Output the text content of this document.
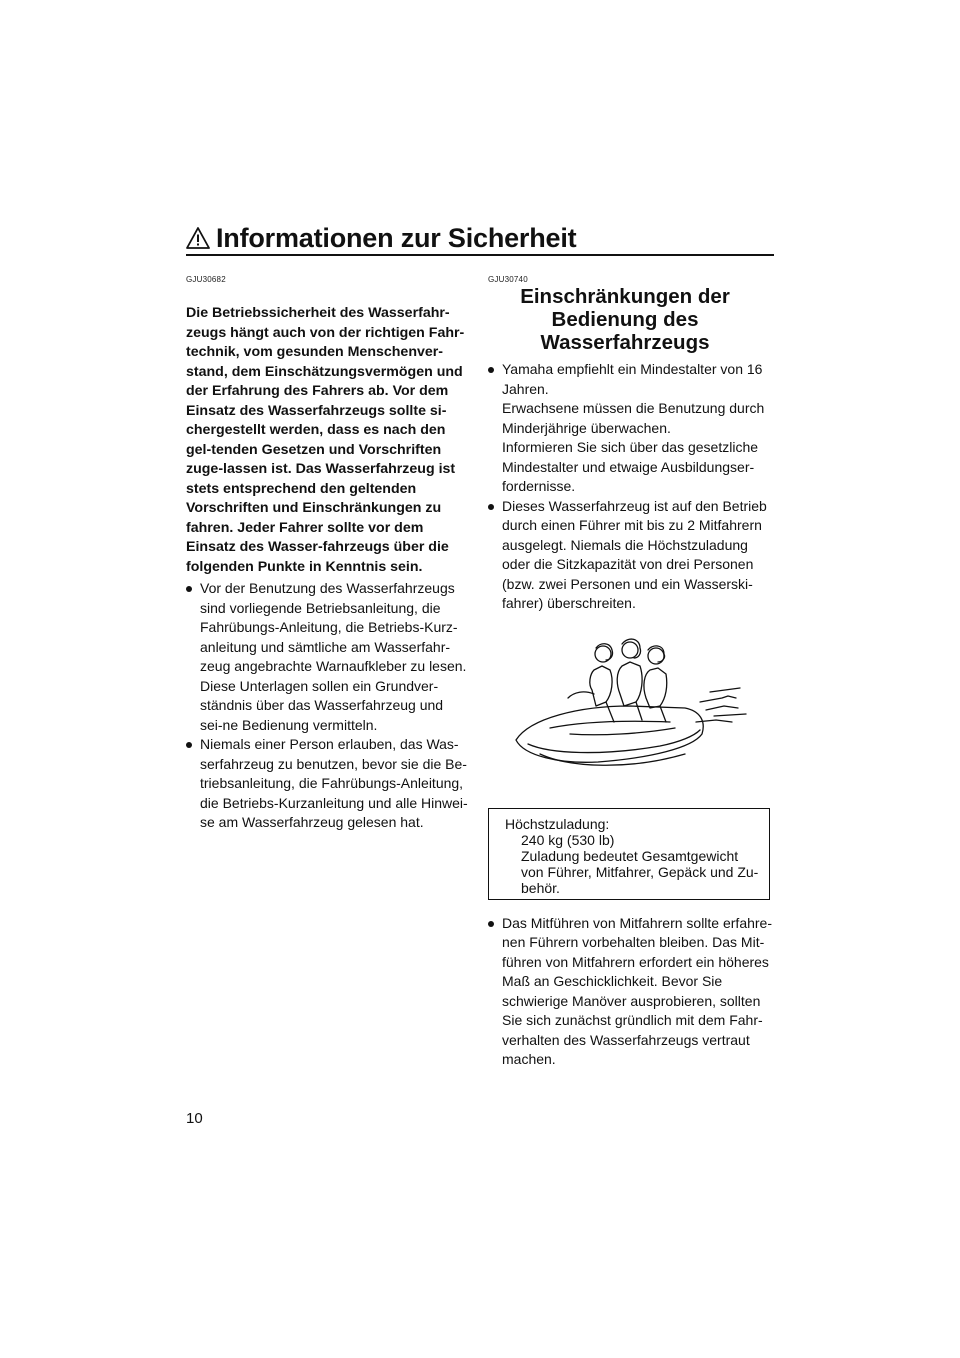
Informationen zur Sicherheit
GJU30682
Die Betriebssicherheit des Wasserfahr-zeugs hängt auch von der richtigen Fahr-technik, vom gesunden Menschenver-stand, dem Einschätzungsvermögen und der Erfahrung des Fahrers ab. Vor dem Einsatz des Wasserfahrzeugs sollte si-chergestellt werden, dass es nach den gel-tenden Gesetzen und Vorschriften zuge-lassen ist. Das Wasserfahrzeug ist stets entsprechend den geltenden Vorschriften und Einschränkungen zu fahren. Jeder Fahrer sollte vor dem Einsatz des Wasser-fahrzeugs über die folgenden Punkte in Kenntnis sein.

Vor der Benutzung des Wasserfahrzeugs sind vorliegende Betriebsanleitung, die Fahrübungs-Anleitung, die Betriebs-Kurz-anleitung und sämtliche am Wasserfahr-zeug angebrachte Warnaufkleber zu lesen. Diese Unterlagen sollen ein Grundver-ständnis über das Wasserfahrzeug und sei-ne Bedienung vermitteln.

Niemals einer Person erlauben, das Was-serfahrzeug zu benutzen, bevor sie die Be-triebsanleitung, die Fahrübungs-Anleitung, die Betriebs-Kurzanleitung und alle Hinwei-se am Wasserfahrzeug gelesen hat.

GJU30740
Einschränkungen der Bedienung des Wasserfahrzeugs

Yamaha empfiehlt ein Mindestalter von 16 Jahren.

Erwachsene müssen die Benutzung durch Minderjährige überwachen.

Informieren Sie sich über das gesetzliche Mindestalter und etwaige Ausbildungser-fordernisse.

Dieses Wasserfahrzeug ist auf den Betrieb durch einen Führer mit bis zu 2 Mitfahrern ausgelegt. Niemals die Höchstzuladung oder die Sitzkapazität von drei Personen (bzw. zwei Personen und ein Wasserski-fahrer) überschreiten.

Höchstzuladung:
240 kg (530 lb)
Zuladung bedeutet Gesamtgewicht von Führer, Mitfahrer, Gepäck und Zu-behör.

Das Mitführen von Mitfahrern sollte erfahre-nen Führern vorbehalten bleiben. Das Mit-führen von Mitfahrern erfordert ein höheres Maß an Geschicklichkeit. Bevor Sie schwierige Manöver ausprobieren, sollten Sie sich zunächst gründlich mit dem Fahr-verhalten des Wasserfahrzeugs vertraut machen.

10
